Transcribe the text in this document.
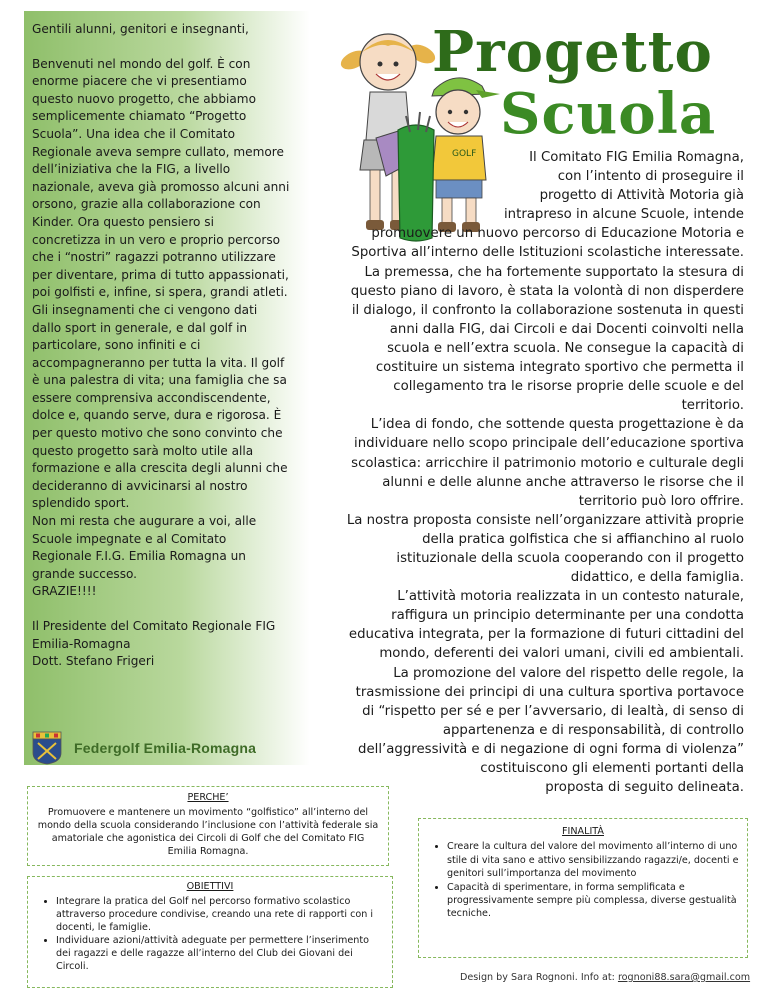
Gentili alunni, genitori e insegnanti,

Benvenuti nel mondo del golf. È con

enorme piacere che vi presentiamo

questo nuovo progetto, che abbiamo

semplicemente chiamato “Progetto

Scuola”. Una idea che il Comitato

Regionale aveva sempre cullato, memore

dell’iniziativa che la FIG, a livello

nazionale, aveva già promosso alcuni anni

orsono, grazie alla collaborazione con

Kinder. Ora questo pensiero si

concretizza in un vero e proprio percorso

che i “nostri” ragazzi potranno utilizzare

per diventare, prima di tutto appassionati,

poi golfisti e, infine, si spera, grandi atleti.

Gli insegnamenti che ci vengono dati

dallo sport in generale, e dal golf in

particolare, sono infiniti e ci

accompagneranno per tutta la vita. Il golf

è una palestra di vita; una famiglia che sa

essere comprensiva accondiscendente,

dolce e, quando serve, dura e rigorosa. È

per questo motivo che sono convinto che

questo progetto sarà molto utile alla

formazione e alla crescita degli alunni che

decideranno di avvicinarsi al nostro

splendido sport.

Non mi resta che augurare a voi, alle

Scuole impegnate e al Comitato

Regionale F.I.G. Emilia Romagna un

grande successo.

GRAZIE!!!!

Il Presidente del Comitato Regionale FIG

Emilia-Romagna

Dott. Stefano Frigeri

Federgolf Emilia-Romagna
GOLF
Progetto
Scuola
Il Comitato FIG Emilia Romagna,
con l’intento di proseguire il
progetto di Attività Motoria già
intrapreso in alcune Scuole, intende
promuovere un nuovo percorso di Educazione Motoria e
Sportiva all’interno delle Istituzioni scolastiche interessate.
La premessa, che ha fortemente supportato la stesura di
questo piano di lavoro, è stata la volontà di non disperdere
il dialogo, il confronto la collaborazione sostenuta in questi
anni dalla FIG, dai Circoli e dai Docenti coinvolti nella
scuola e nell’extra scuola. Ne consegue la capacità di
costituire un sistema integrato sportivo che permetta il
collegamento tra le risorse proprie delle scuole e del
territorio.
L’idea di fondo, che sottende questa progettazione è da
individuare nello scopo principale dell’educazione sportiva
scolastica: arricchire il patrimonio motorio e culturale degli
alunni e delle alunne anche attraverso le risorse che il
territorio può loro offrire.
La nostra proposta consiste nell’organizzare attività proprie
della pratica golfistica che si affianchino al ruolo
istituzionale della scuola cooperando con il progetto
didattico, e della famiglia.
L’attività motoria realizzata in un contesto naturale,
raffigura un principio determinante per una condotta
educativa integrata, per la formazione di futuri cittadini del
mondo, deferenti dei valori umani, civili ed ambientali.
La promozione del valore del rispetto delle regole, la
trasmissione dei principi di una cultura sportiva portavoce
di “rispetto per sé e per l’avversario, di lealtà, di senso di
appartenenza e di responsabilità, di controllo
dell’aggressività e di negazione di ogni forma di violenza”
costituiscono gli elementi portanti della
proposta di seguito delineata.
PERCHE’
Promuovere e mantenere un movimento “golfistico” all’interno del
mondo della scuola considerando l’inclusione con l’attività federale sia
amatoriale che agonistica dei Circoli di Golf che del Comitato FIG
Emilia Romagna.
OBIETTIVI
• Integrare la pratica del Golf nel percorso formativo scolastico attraverso procedure condivise, creando una rete di rapporti con i docenti, le famiglie.
• Individuare azioni/attività adeguate per permettere l’inserimento dei ragazzi e delle ragazze all’interno del Club dei Giovani dei Circoli.
FINALITÀ
• Creare la cultura del valore del movimento all’interno di uno stile di vita sano e attivo sensibilizzando ragazzi/e, docenti e genitori sull’importanza del movimento
• Capacità di sperimentare, in forma semplificata e progressivamente sempre più complessa, diverse gestualità tecniche.
Design by Sara Rognoni. Info at: rognoni88.sara@gmail.com
